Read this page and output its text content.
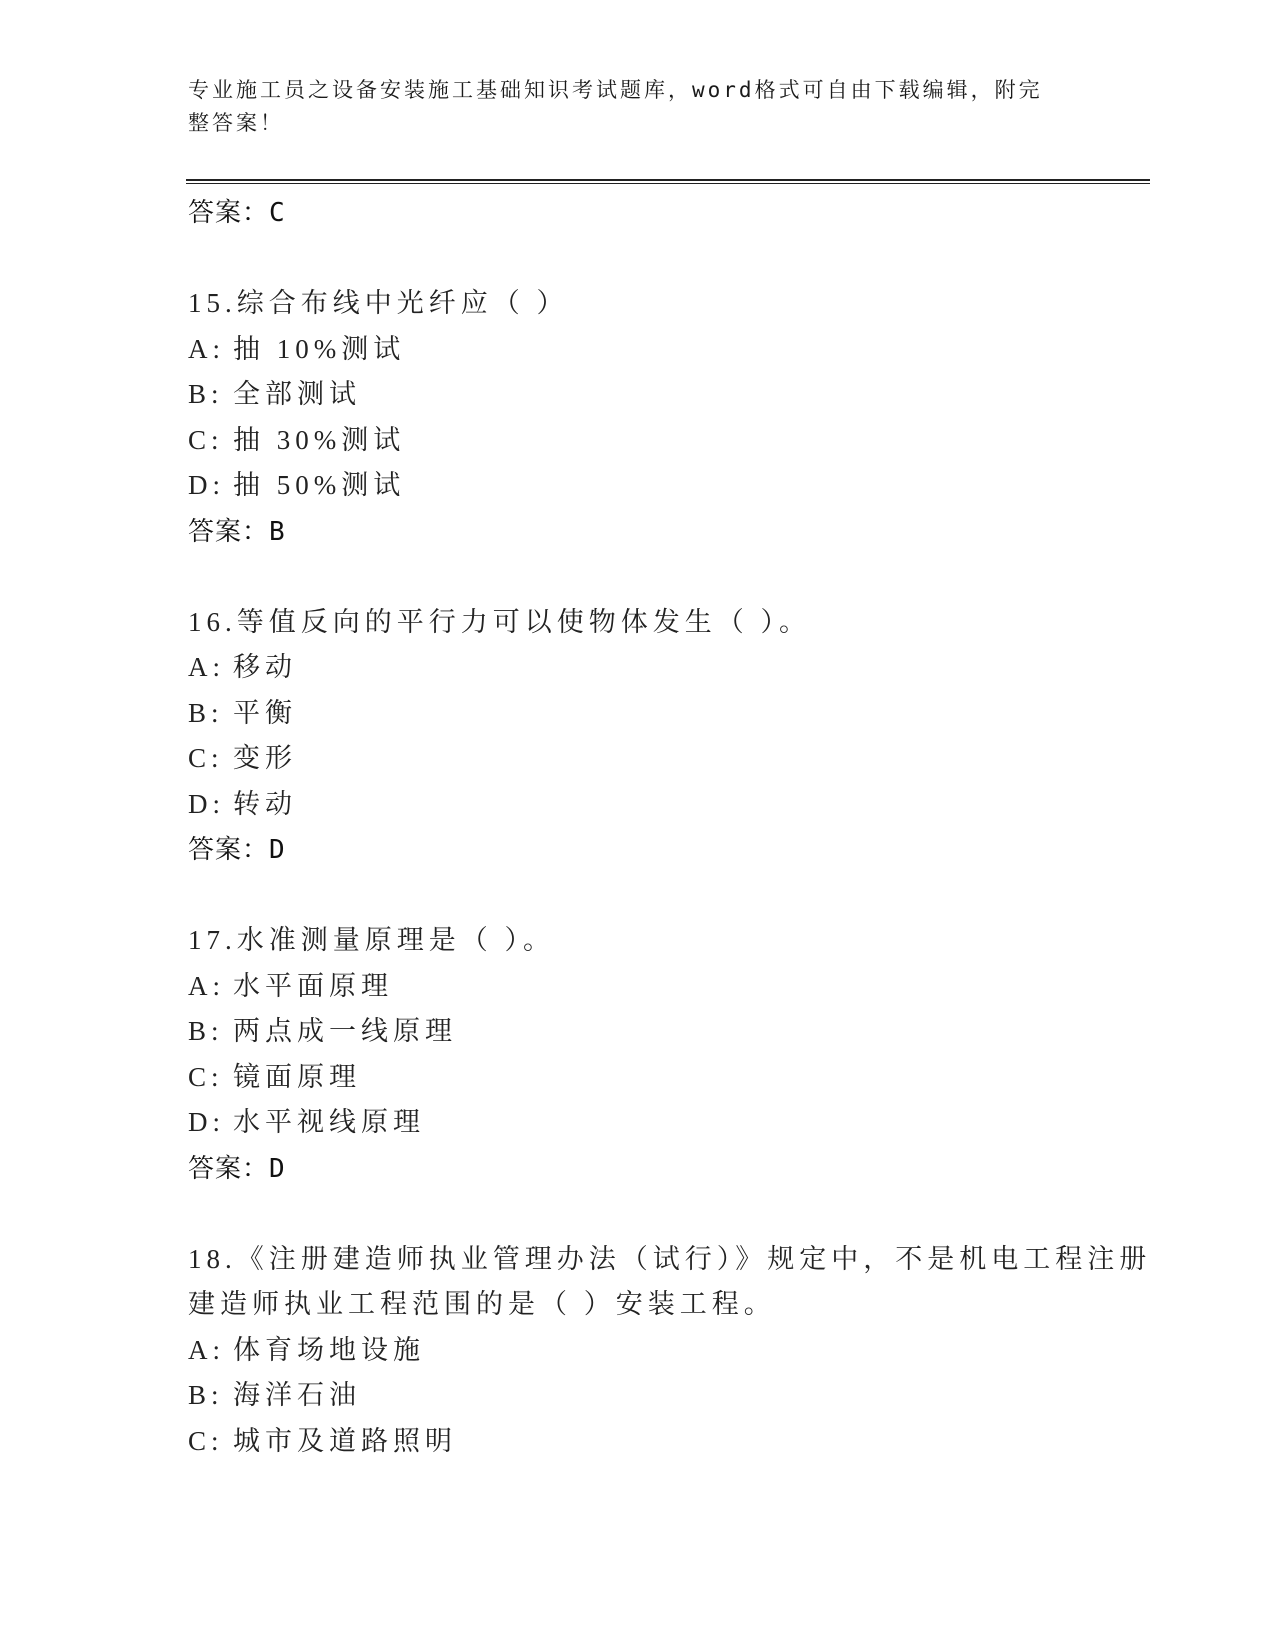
专业施工员之设备安装施工基础知识考试题库，word格式可自由下载编辑，附完
整答案！
答案：C
15.综合布线中光纤应（ ）
A: 抽 10%测试
B: 全部测试
C: 抽 30%测试
D: 抽 50%测试
答案：B
16.等值反向的平行力可以使物体发生（ ）。
A: 移动
B: 平衡
C: 变形
D: 转动
答案：D
17.水准测量原理是（ ）。
A: 水平面原理
B: 两点成一线原理
C: 镜面原理
D: 水平视线原理
答案：D
18.《注册建造师执业管理办法（试行）》规定中，不是机电工程注册
建造师执业工程范围的是（ ）安装工程。
A: 体育场地设施
B: 海洋石油
C: 城市及道路照明
